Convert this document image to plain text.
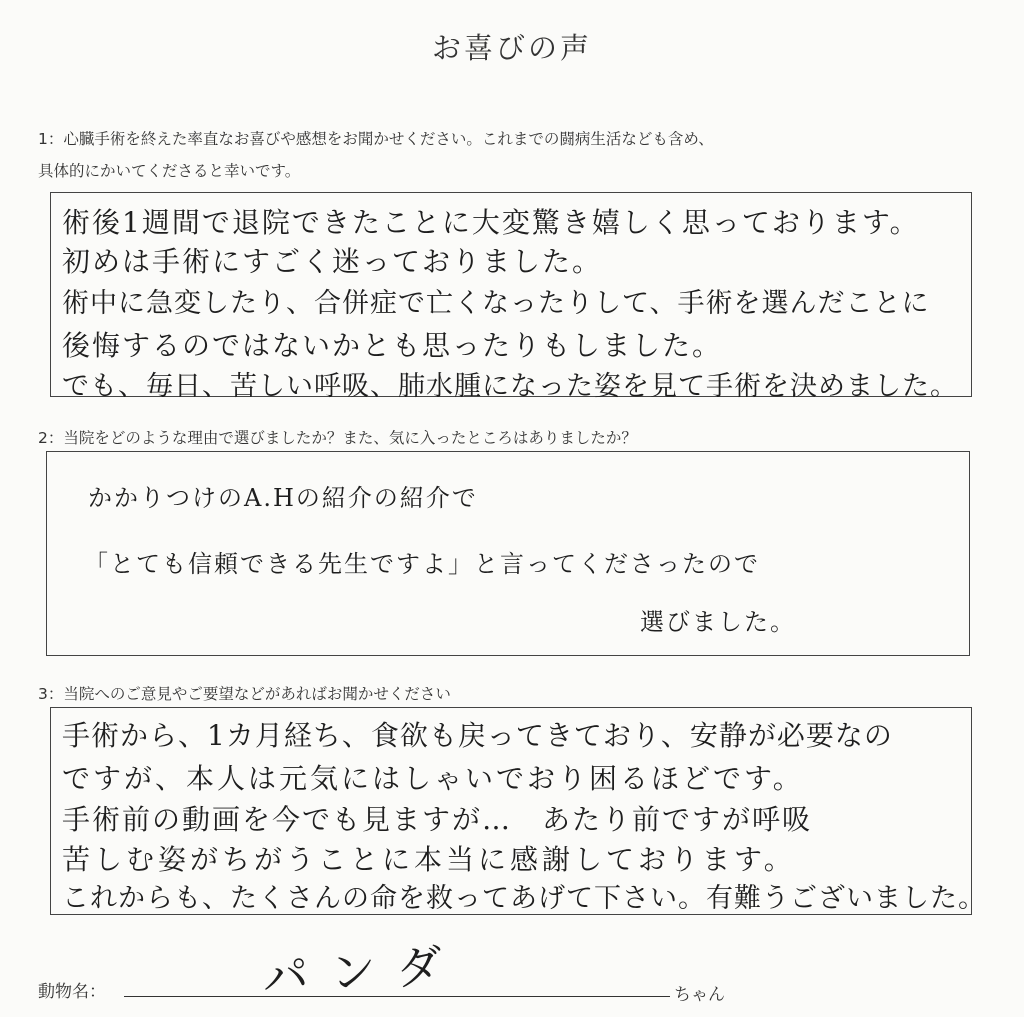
お喜びの声
1：心臓手術を終えた率直なお喜びや感想をお聞かせください。これまでの闘病生活なども含め、
具体的にかいてくださると幸いです。
術後1週間で退院できたことに大変驚き嬉しく思っております。
初めは手術にすごく迷っておりました。
術中に急変したり、合併症で亡くなったりして、手術を選んだことに
後悔するのではないかとも思ったりもしました。
でも、毎日、苦しい呼吸、肺水腫になった姿を見て手術を決めました。
2：当院をどのような理由で選びましたか？また、気に入ったところはありましたか？
かかりつけのA.Hの紹介の紹介で
「とても信頼できる先生ですよ」と言ってくださったので
選びました。
3：当院へのご意見やご要望などがあればお聞かせください
手術から、1カ月経ち、食欲も戻ってきており、安静が必要なの
ですが、本人は元気にはしゃいでおり困るほどです。
手術前の動画を今でも見ますが…　あたり前ですが呼吸
苦しむ姿がちがうことに本当に感謝しております。
これからも、たくさんの命を救ってあげて下さい。有難うございました。
動物名：	パンダ	ちゃん
